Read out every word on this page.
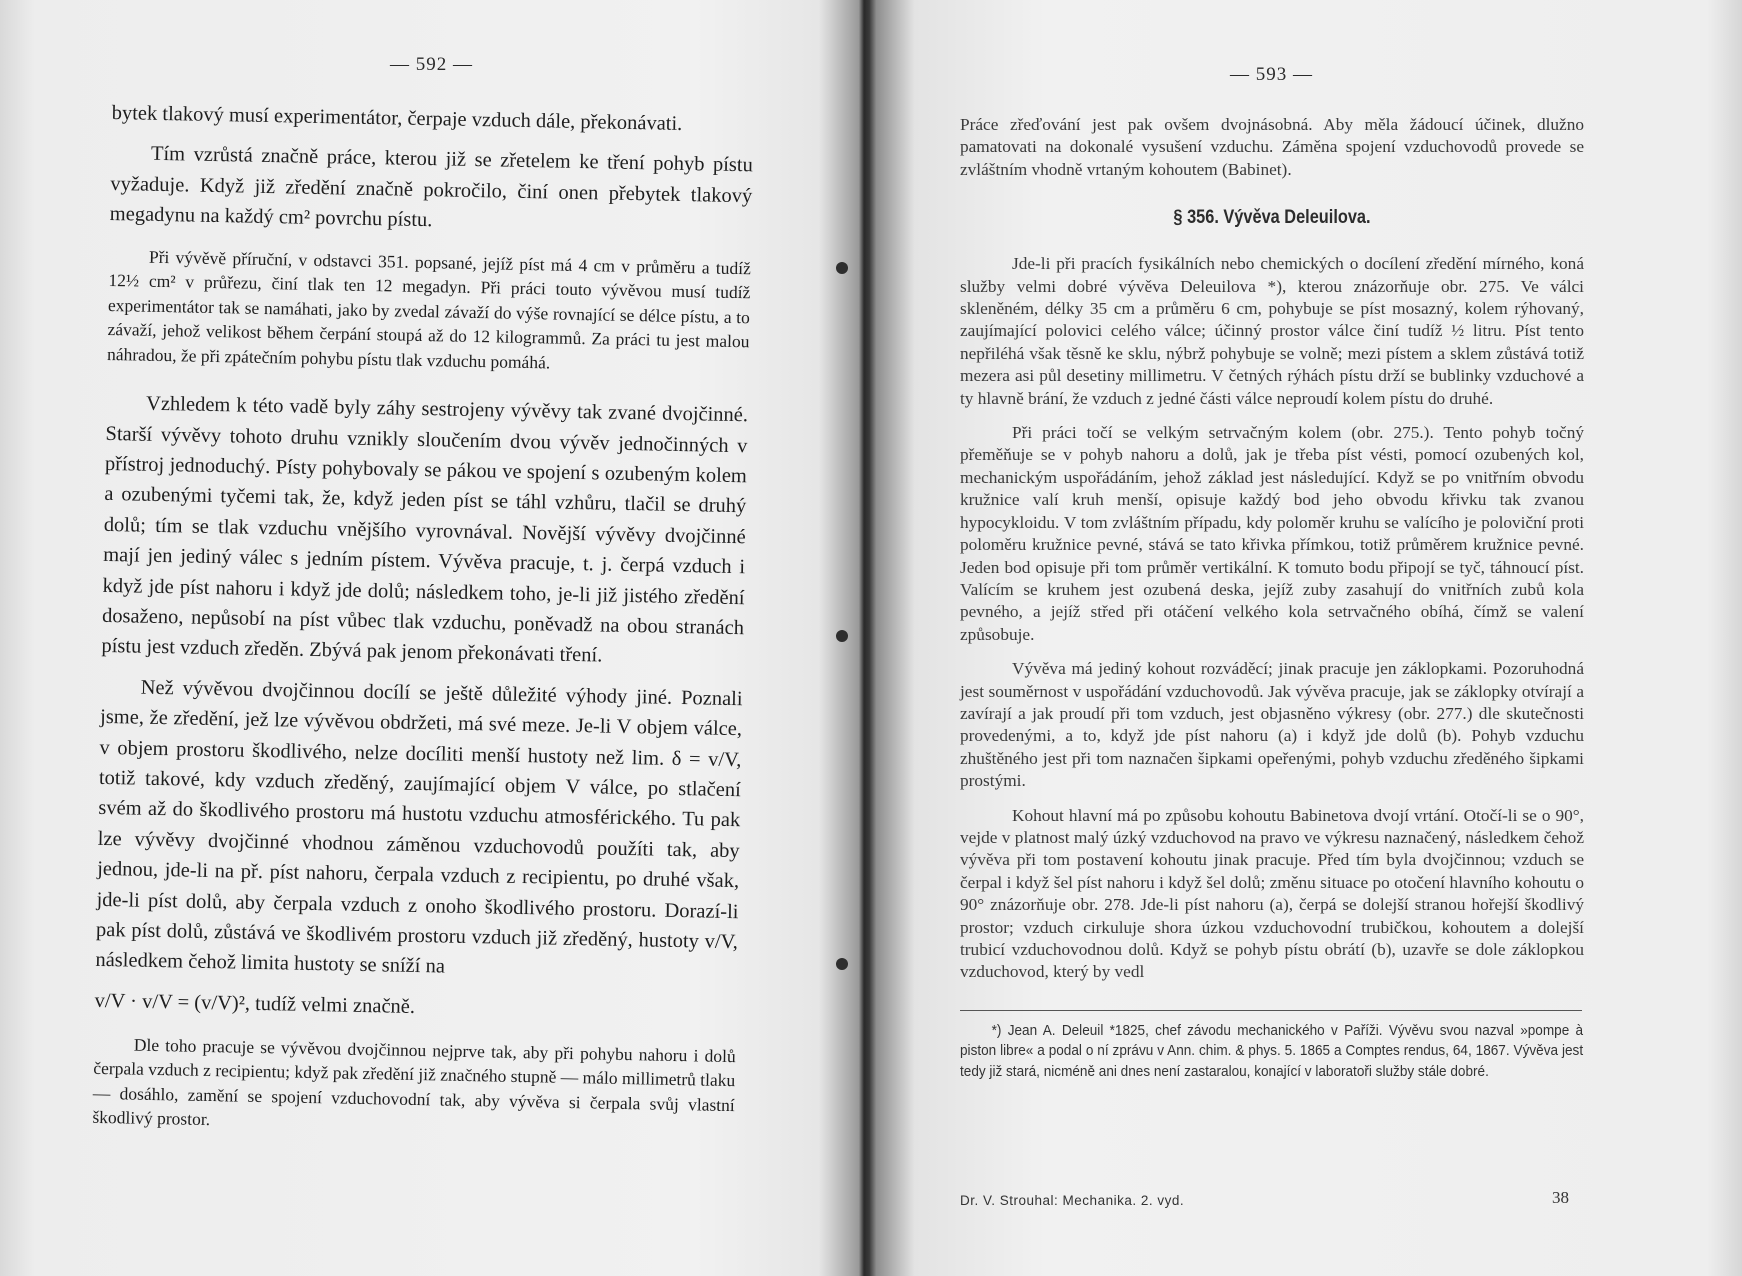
— 592 —

bytek tlakový musí experimentátor, čerpaje vzduch dále, překonávati.

Tím vzrůstá značně práce, kterou již se zřetelem ke tření pohyb pístu vyžaduje. Když již zředění značně pokročilo, činí onen přebytek tlakový megadynu na každý cm² povrchu pístu.

Při vývěvě příruční, v odstavci 351. popsané, jejíž píst má 4 cm v průměru a tudíž 12½ cm² v průřezu, činí tlak ten 12 megadyn. Při práci touto vývěvou musí tudíž experimentátor tak se namáhati, jako by zvedal závaží do výše rovnající se délce pístu, a to závaží, jehož velikost během čerpání stoupá až do 12 kilogrammů. Za práci tu jest malou náhradou, že při zpátečním pohybu pístu tlak vzduchu pomáhá.

Vzhledem k této vadě byly záhy sestrojeny vývěvy tak zvané dvojčinné. Starší vývěvy tohoto druhu vznikly sloučením dvou vývěv jednočinných v přístroj jednoduchý. Písty pohybovaly se pákou ve spojení s ozubeným kolem a ozubenými tyčemi tak, že, když jeden píst se táhl vzhůru, tlačil se druhý dolů; tím se tlak vzduchu vnějšího vyrovnával. Novější vývěvy dvojčinné mají jen jediný válec s jedním pístem. Vývěva pracuje, t. j. čerpá vzduch i když jde píst nahoru i když jde dolů; následkem toho, je-li již jistého zředění dosaženo, nepůsobí na píst vůbec tlak vzduchu, poněvadž na obou stranách pístu jest vzduch zředěn. Zbývá pak jenom překonávati tření.

Než vývěvou dvojčinnou docílí se ještě důležité výhody jiné. Poznali jsme, že zředění, jež lze vývěvou obdržeti, má své meze. Je-li V objem válce, v objem prostoru škodlivého, nelze docíliti menší hustoty než lim. δ = v/V, totiž takové, kdy vzduch zředěný, zaujímající objem V válce, po stlačení svém až do škodlivého prostoru má hustotu vzduchu atmosférického. Tu pak lze vývěvy dvojčinné vhodnou záměnou vzduchovodů použíti tak, aby jednou, jde-li na př. píst nahoru, čerpala vzduch z recipientu, po druhé však, jde-li píst dolů, aby čerpala vzduch z onoho škodlivého prostoru. Dorazí-li pak píst dolů, zůstává ve škodlivém prostoru vzduch již zředěný, hustoty v/V, následkem čehož limita hustoty se sníží na

v/V · v/V = (v/V)², tudíž velmi značně.

Dle toho pracuje se vývěvou dvojčinnou nejprve tak, aby při pohybu nahoru i dolů čerpala vzduch z recipientu; když pak zředění již značného stupně — málo millimetrů tlaku — dosáhlo, zamění se spojení vzduchovodní tak, aby vývěva si čerpala svůj vlastní škodlivý prostor.

— 593 —

Práce zřeďování jest pak ovšem dvojnásobná. Aby měla žádoucí účinek, dlužno pamatovati na dokonalé vysušení vzduchu. Záměna spojení vzduchovodů provede se zvláštním vhodně vrtaným kohoutem (Babinet).

§ 356. Vývěva Deleuilova.

Jde-li při pracích fysikálních nebo chemických o docílení zředění mírného, koná služby velmi dobré vývěva Deleuilova *), kterou znázorňuje obr. 275. Ve válci skleněném, délky 35 cm a průměru 6 cm, pohybuje se píst mosazný, kolem rýhovaný, zaujímající polovici celého válce; účinný prostor válce činí tudíž ½ litru. Píst tento nepřiléhá však těsně ke sklu, nýbrž pohybuje se volně; mezi pístem a sklem zůstává totiž mezera asi půl desetiny millimetru. V četných rýhách pístu drží se bublinky vzduchové a ty hlavně brání, že vzduch z jedné části válce neproudí kolem pístu do druhé.

Při práci točí se velkým setrvačným kolem (obr. 275.). Tento pohyb točný přeměňuje se v pohyb nahoru a dolů, jak je třeba píst vésti, pomocí ozubených kol, mechanickým uspořádáním, jehož základ jest následující. Když se po vnitřním obvodu kružnice valí kruh menší, opisuje každý bod jeho obvodu křivku tak zvanou hypocykloidu. V tom zvláštním případu, kdy poloměr kruhu se valícího je poloviční proti poloměru kružnice pevné, stává se tato křivka přímkou, totiž průměrem kružnice pevné. Jeden bod opisuje při tom průměr vertikální. K tomuto bodu připojí se tyč, táhnoucí píst. Valícím se kruhem jest ozubená deska, jejíž zuby zasahují do vnitřních zubů kola pevného, a jejíž střed při otáčení velkého kola setrvačného obíhá, čímž se valení způsobuje.

Vývěva má jediný kohout rozváděcí; jinak pracuje jen záklopkami. Pozoruhodná jest souměrnost v uspořádání vzduchovodů. Jak vývěva pracuje, jak se záklopky otvírají a zavírají a jak proudí při tom vzduch, jest objasněno výkresy (obr. 277.) dle skutečnosti provedenými, a to, když jde píst nahoru (a) i když jde dolů (b). Pohyb vzduchu zhuštěného jest při tom naznačen šipkami opeřenými, pohyb vzduchu zředěného šipkami prostými.

Kohout hlavní má po způsobu kohoutu Babinetova dvojí vrtání. Otočí-li se o 90°, vejde v platnost malý úzký vzduchovod na pravo ve výkresu naznačený, následkem čehož vývěva při tom postavení kohoutu jinak pracuje. Před tím byla dvojčinnou; vzduch se čerpal i když šel píst nahoru i když šel dolů; změnu situace po otočení hlavního kohoutu o 90° znázorňuje obr. 278. Jde-li píst nahoru (a), čerpá se dolejší stranou hořejší škodlivý prostor; vzduch cirkuluje shora úzkou vzduchovodní trubičkou, kohoutem a dolejší trubicí vzduchovodnou dolů. Když se pohyb pístu obrátí (b), uzavře se dole záklopkou vzduchovod, který by vedl

*) Jean A. Deleuil *1825, chef závodu mechanického v Paříži. Vývěvu svou nazval »pompe à piston libre« a podal o ní zprávu v Ann. chim. & phys. 5. 1865 a Comptes rendus, 64, 1867. Vývěva jest tedy již stará, nicméně ani dnes není zastaralou, konající v laboratoři služby stále dobré.

Dr. V. Strouhal: Mechanika. 2. vyd.	38
